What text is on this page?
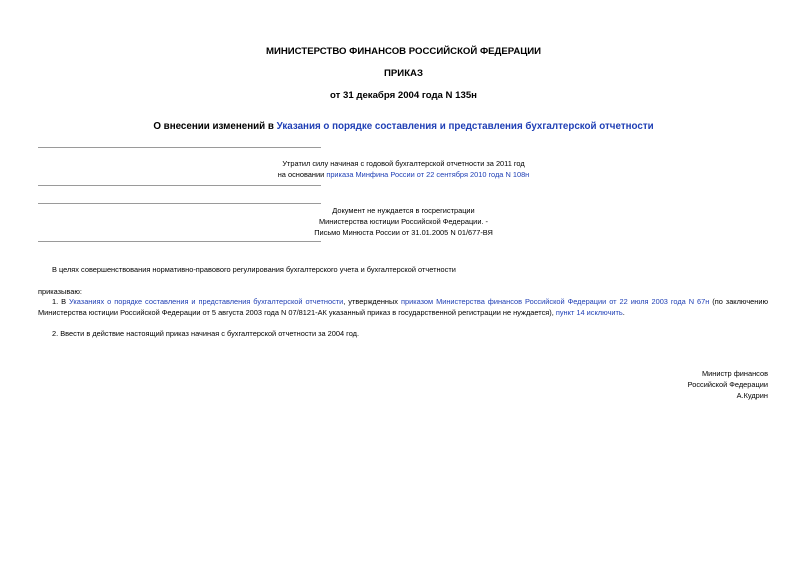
МИНИСТЕРСТВО ФИНАНСОВ РОССИЙСКОЙ ФЕДЕРАЦИИ
ПРИКАЗ
от 31 декабря 2004 года N 135н
О внесении изменений в Указания о порядке составления и представления бухгалтерской отчетности
Утратил силу начиная с годовой бухгалтерской отчетности за 2011 год
на основании приказа Минфина России от 22 сентября 2010 года N 108н
Документ не нуждается в госрегистрации
Министерства юстиции Российской Федерации. -
Письмо Минюста России от 31.01.2005 N 01/677-ВЯ
В целях совершенствования нормативно-правового регулирования бухгалтерского учета и бухгалтерской отчетности
приказываю:
1. В Указаниях о порядке составления и представления бухгалтерской отчетности, утвержденных приказом Министерства финансов Российской Федерации от 22 июля 2003 года N 67н (по заключению Министерства юстиции Российской Федерации от 5 августа 2003 года N 07/8121-АК указанный приказ в государственной регистрации не нуждается), пункт 14 исключить.
2. Ввести в действие настоящий приказ начиная с бухгалтерской отчетности за 2004 год.
Министр финансов
Российской Федерации
А.Кудрин
